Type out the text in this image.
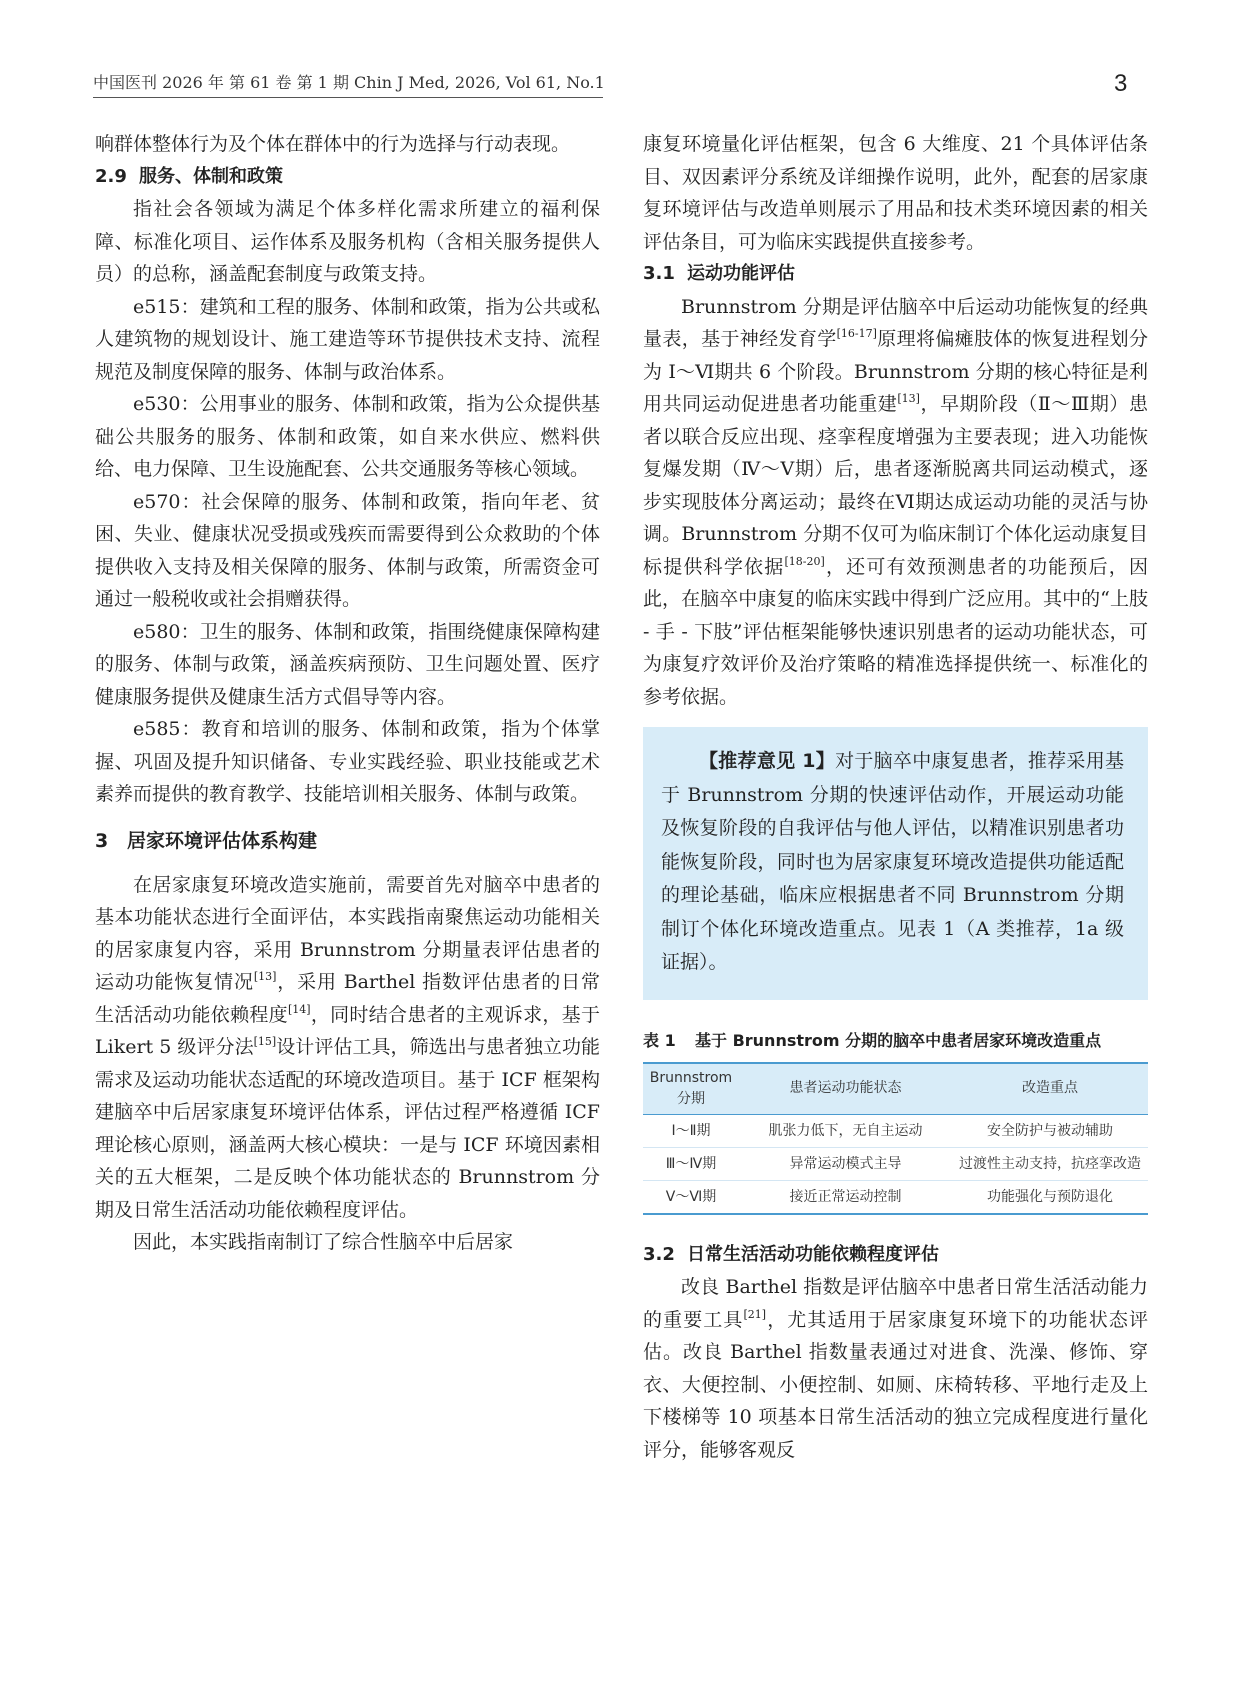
中国医刊 2026 年 第 61 卷 第 1 期 Chin J Med, 2026, Vol 61, No.1	3

响群体整体行为及个体在群体中的行为选择与行动表现。

2.9 服务、体制和政策

指社会各领域为满足个体多样化需求所建立的福利保障、标准化项目、运作体系及服务机构（含相关服务提供人员）的总称，涵盖配套制度与政策支持。

e515：建筑和工程的服务、体制和政策，指为公共或私人建筑物的规划设计、施工建造等环节提供技术支持、流程规范及制度保障的服务、体制与政治体系。

e530：公用事业的服务、体制和政策，指为公众提供基础公共服务的服务、体制和政策，如自来水供应、燃料供给、电力保障、卫生设施配套、公共交通服务等核心领域。

e570：社会保障的服务、体制和政策，指向年老、贫困、失业、健康状况受损或残疾而需要得到公众救助的个体提供收入支持及相关保障的服务、体制与政策，所需资金可通过一般税收或社会捐赠获得。

e580：卫生的服务、体制和政策，指围绕健康保障构建的服务、体制与政策，涵盖疾病预防、卫生问题处置、医疗健康服务提供及健康生活方式倡导等内容。

e585：教育和培训的服务、体制和政策，指为个体掌握、巩固及提升知识储备、专业实践经验、职业技能或艺术素养而提供的教育教学、技能培训相关服务、体制与政策。

3 居家环境评估体系构建

在居家康复环境改造实施前，需要首先对脑卒中患者的基本功能状态进行全面评估，本实践指南聚焦运动功能相关的居家康复内容，采用 Brunnstrom 分期量表评估患者的运动功能恢复情况[13]，采用 Barthel 指数评估患者的日常生活活动功能依赖程度[14]，同时结合患者的主观诉求，基于 Likert 5 级评分法[15]设计评估工具，筛选出与患者独立功能需求及运动功能状态适配的环境改造项目。基于 ICF 框架构建脑卒中后居家康复环境评估体系，评估过程严格遵循 ICF 理论核心原则，涵盖两大核心模块：一是与 ICF 环境因素相关的五大框架，二是反映个体功能状态的 Brunnstrom 分期及日常生活活动功能依赖程度评估。

因此，本实践指南制订了综合性脑卒中后居家

康复环境量化评估框架，包含 6 大维度、21 个具体评估条目、双因素评分系统及详细操作说明，此外，配套的居家康复环境评估与改造单则展示了用品和技术类环境因素的相关评估条目，可为临床实践提供直接参考。

3.1 运动功能评估

Brunnstrom 分期是评估脑卒中后运动功能恢复的经典量表，基于神经发育学[16-17]原理将偏瘫肢体的恢复进程划分为 Ⅰ～Ⅵ期共 6 个阶段。Brunnstrom 分期的核心特征是利用共同运动促进患者功能重建[13]，早期阶段（Ⅱ～Ⅲ期）患者以联合反应出现、痉挛程度增强为主要表现；进入功能恢复爆发期（Ⅳ～Ⅴ期）后，患者逐渐脱离共同运动模式，逐步实现肢体分离运动；最终在Ⅵ期达成运动功能的灵活与协调。Brunnstrom 分期不仅可为临床制订个体化运动康复目标提供科学依据[18-20]，还可有效预测患者的功能预后，因此，在脑卒中康复的临床实践中得到广泛应用。其中的“上肢 - 手 - 下肢”评估框架能够快速识别患者的运动功能状态，可为康复疗效评价及治疗策略的精准选择提供统一、标准化的参考依据。

【推荐意见 1】对于脑卒中康复患者，推荐采用基于 Brunnstrom 分期的快速评估动作，开展运动功能及恢复阶段的自我评估与他人评估，以精准识别患者功能恢复阶段，同时也为居家康复环境改造提供功能适配的理论基础，临床应根据患者不同 Brunnstrom 分期制订个体化环境改造重点。见表 1（A 类推荐，1a 级证据）。

表 1 基于 Brunnstrom 分期的脑卒中患者居家环境改造重点
Brunnstrom 分期	患者运动功能状态	改造重点
Ⅰ～Ⅱ期	肌张力低下，无自主运动	安全防护与被动辅助
Ⅲ～Ⅳ期	异常运动模式主导	过渡性主动支持，抗痉挛改造
Ⅴ～Ⅵ期	接近正常运动控制	功能强化与预防退化
3.2 日常生活活动功能依赖程度评估

改良 Barthel 指数是评估脑卒中患者日常生活活动能力的重要工具[21]，尤其适用于居家康复环境下的功能状态评估。改良 Barthel 指数量表通过对进食、洗澡、修饰、穿衣、大便控制、小便控制、如厕、床椅转移、平地行走及上下楼梯等 10 项基本日常生活活动的独立完成程度进行量化评分，能够客观反
